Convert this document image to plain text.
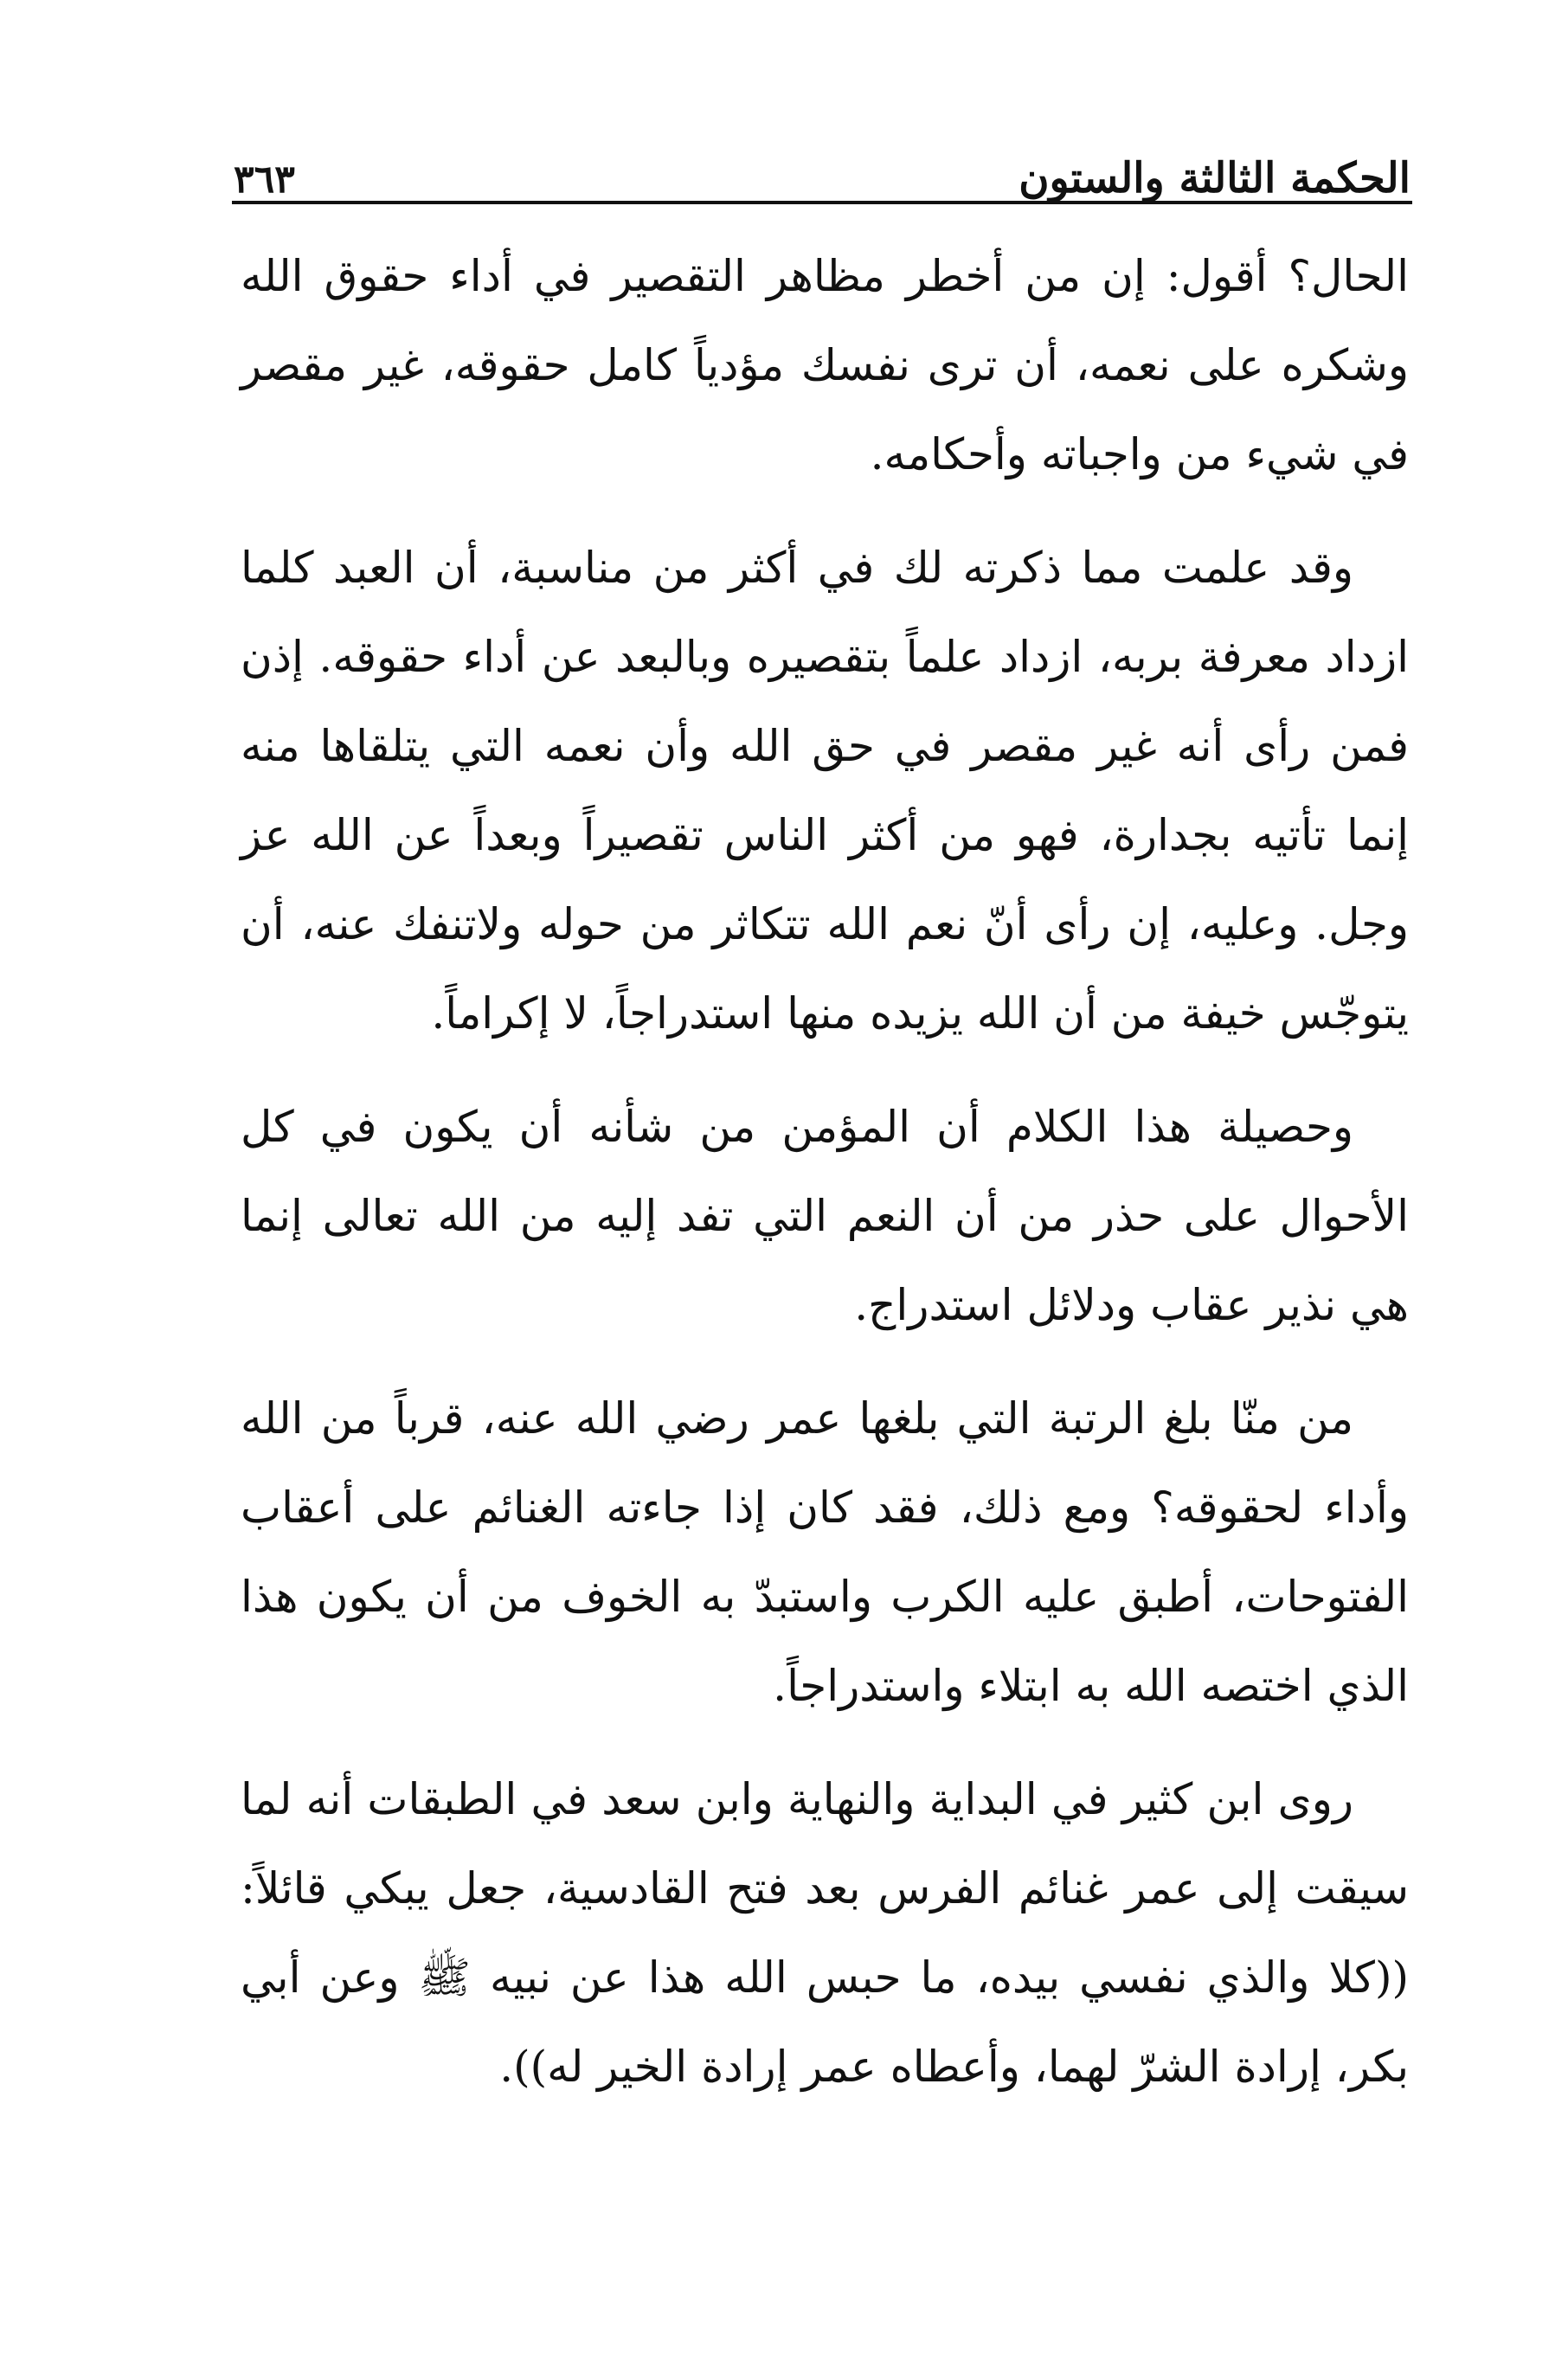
الحكمة الثالثة والستون
٣٦٣

الحال؟ أقول: إن من أخطر مظاهر التقصير في أداء حقوق الله وشكره على نعمه، أن ترى نفسك مؤدياً كامل حقوقه، غير مقصر في شيء من واجباته وأحكامه.

وقد علمت مما ذكرته لك في أكثر من مناسبة، أن العبد كلما ازداد معرفة بربه، ازداد علماً بتقصيره وبالبعد عن أداء حقوقه. إذن فمن رأى أنه غير مقصر في حق الله وأن نعمه التي يتلقاها منه إنما تأتيه بجدارة، فهو من أكثر الناس تقصيراً وبعداً عن الله عز وجل. وعليه، إن رأى أنّ نعم الله تتكاثر من حوله ولاتنفك عنه، أن يتوجّس خيفة من أن الله يزيده منها استدراجاً، لا إكراماً.

وحصيلة هذا الكلام أن المؤمن من شأنه أن يكون في كل الأحوال على حذر من أن النعم التي تفد إليه من الله تعالى إنما هي نذير عقاب ودلائل استدراج.

من منّا بلغ الرتبة التي بلغها عمر رضي الله عنه، قرباً من الله وأداء لحقوقه؟ ومع ذلك، فقد كان إذا جاءته الغنائم على أعقاب الفتوحات، أطبق عليه الكرب واستبدّ به الخوف من أن يكون هذا الذي اختصه الله به ابتلاء واستدراجاً.

روى ابن كثير في البداية والنهاية وابن سعد في الطبقات أنه لما سيقت إلى عمر غنائم الفرس بعد فتح القادسية، جعل يبكي قائلاً: ((كلا والذي نفسي بيده، ما حبس الله هذا عن نبيه ﷺ وعن أبي بكر، إرادة الشرّ لهما، وأعطاه عمر إرادة الخير له)).
